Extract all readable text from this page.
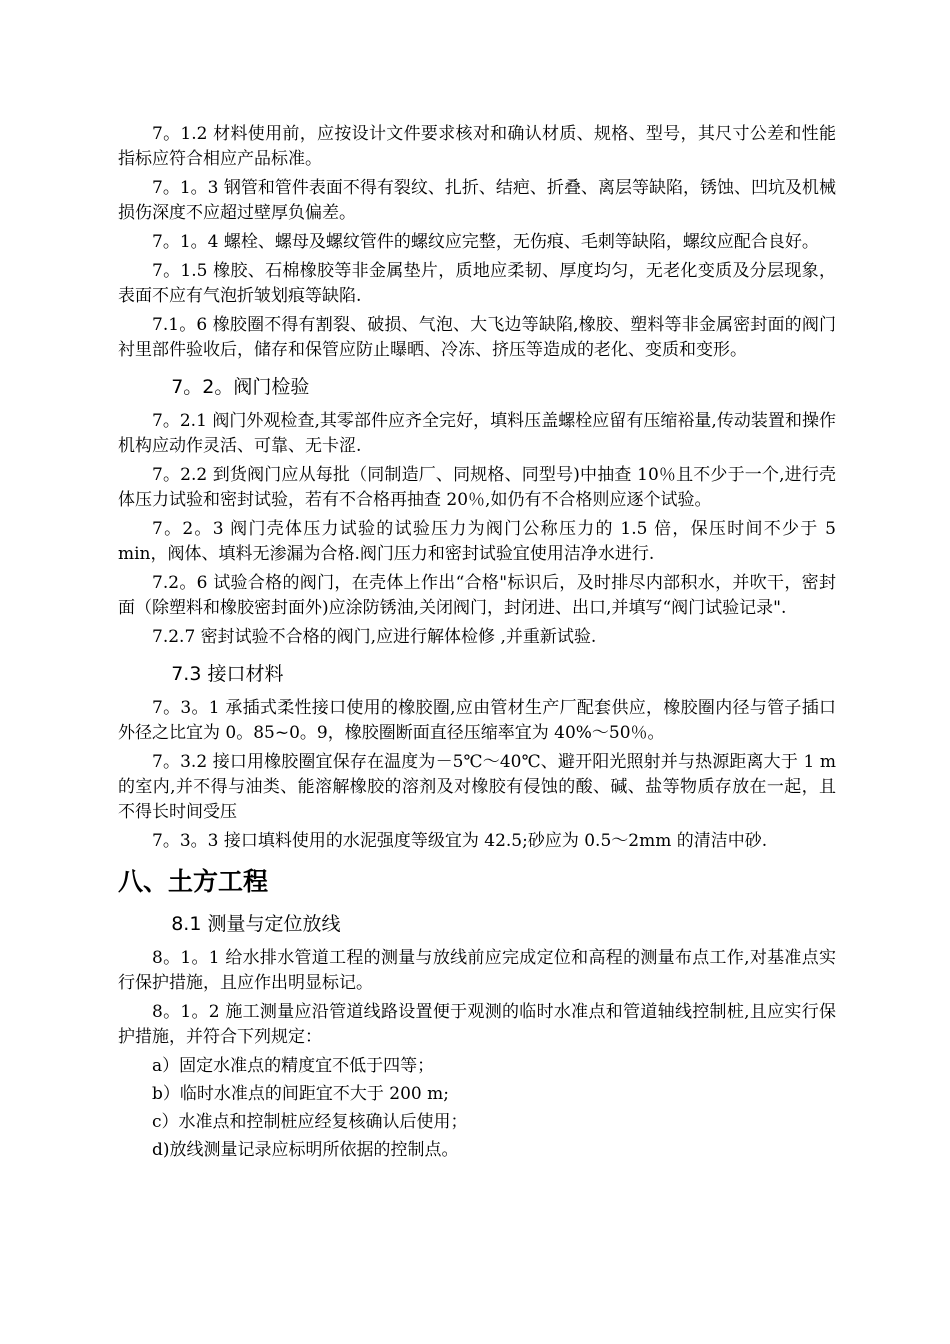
7。1.2 材料使用前，应按设计文件要求核对和确认材质、规格、型号，其尺寸公差和性能指标应符合相应产品标准。

7。1。3 钢管和管件表面不得有裂纹、扎折、结疤、折叠、离层等缺陷，锈蚀、凹坑及机械损伤深度不应超过壁厚负偏差。

7。1。4 螺栓、螺母及螺纹管件的螺纹应完整，无伤痕、毛刺等缺陷，螺纹应配合良好。

7。1.5 橡胶、石棉橡胶等非金属垫片，质地应柔韧、厚度均匀，无老化变质及分层现象，表面不应有气泡折皱划痕等缺陷.

7.1。6 橡胶圈不得有割裂、破损、气泡、大飞边等缺陷,橡胶、塑料等非金属密封面的阀门衬里部件验收后，储存和保管应防止曝晒、冷冻、挤压等造成的老化、变质和变形。

7。2。阀门检验

7。2.1 阀门外观检查,其零部件应齐全完好，填料压盖螺栓应留有压缩裕量,传动装置和操作机构应动作灵活、可靠、无卡涩.

7。2.2 到货阀门应从每批（同制造厂、同规格、同型号)中抽查 10％且不少于一个,进行壳体压力试验和密封试验，若有不合格再抽查 20％,如仍有不合格则应逐个试验。

7。2。3 阀门壳体压力试验的试验压力为阀门公称压力的 1.5 倍，保压时间不少于 5 min，阀体、填料无渗漏为合格.阀门压力和密封试验宜使用洁净水进行.

7.2。6 试验合格的阀门，在壳体上作出“合格"标识后，及时排尽内部积水，并吹干，密封面（除塑料和橡胶密封面外)应涂防锈油,关闭阀门，封闭进、出口,并填写“阀门试验记录".

7.2.7 密封试验不合格的阀门,应进行解体检修 ,并重新试验.

7.3 接口材料

7。3。1 承插式柔性接口使用的橡胶圈,应由管材生产厂配套供应，橡胶圈内径与管子插口外径之比宜为 0。85~0。9，橡胶圈断面直径压缩率宜为 40%～50％。

7。3.2 接口用橡胶圈宜保存在温度为－5℃～40℃、避开阳光照射并与热源距离大于 1 m 的室内,并不得与油类、能溶解橡胶的溶剂及对橡胶有侵蚀的酸、碱、盐等物质存放在一起，且不得长时间受压

7。3。3 接口填料使用的水泥强度等级宜为 42.5;砂应为 0.5～2mm 的清洁中砂.

八、土方工程
8.1 测量与定位放线

8。1。1 给水排水管道工程的测量与放线前应完成定位和高程的测量布点工作,对基准点实行保护措施，且应作出明显标记。

8。1。2 施工测量应沿管道线路设置便于观测的临时水准点和管道轴线控制桩,且应实行保护措施，并符合下列规定：

a）固定水准点的精度宜不低于四等；

b）临时水准点的间距宜不大于 200 m;

c）水准点和控制桩应经复核确认后使用；

d)放线测量记录应标明所依据的控制点。
